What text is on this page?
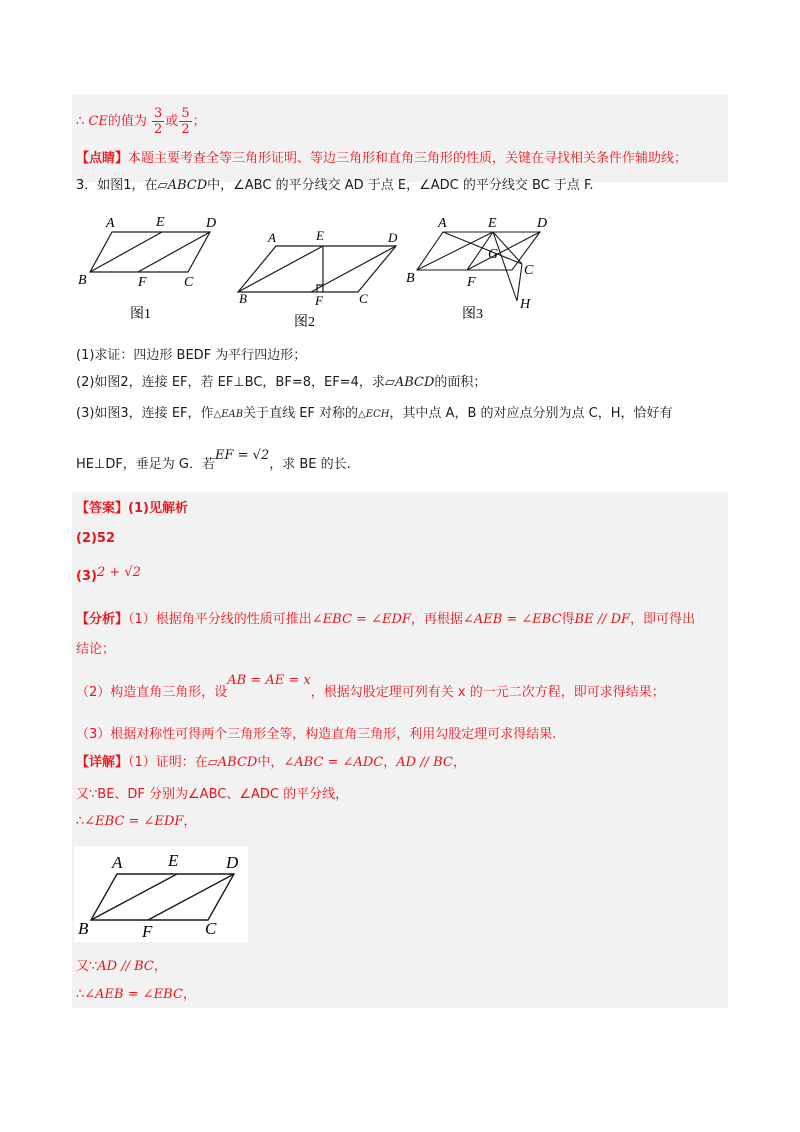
∴ CE的值为 $\frac{3}{2}$ 或 $\frac{5}{2}$ ；
【点睛】本题主要考查全等三角形证明、等边三角形和直角三角形的性质，关键在寻找相关条件作辅助线；
3．如图1，在▱ABCD中，∠ABC 的平分线交 AD 于点 E，∠ADC 的平分线交 BC 于点 F.
A	E	D
B	F	C
图1
A	E	D
B	F	C
图2
A	E	D
G
C
B	F
H
图3
(1)求证：四边形 BEDF 为平行四边形；
(2)如图2，连接 EF，若 EF⊥BC，BF=8，EF=4，求▱ABCD的面积；
(3)如图3，连接 EF，作△EAB关于直线 EF 对称的△ECH，其中点 A，B 的对应点分别为点 C，H，恰好有
HE⊥DF，垂足为 G．若EF = √2，求 BE 的长.
【答案】(1)见解析
(2)52
(3)2 + √2
【分析】（1）根据角平分线的性质可推出∠EBC = ∠EDF，再根据∠AEB = ∠EBC得BE // DF，即可得出
结论；
（2）构造直角三角形，设AB = AE = x，根据勾股定理可列有关 x 的一元二次方程，即可求得结果；
（3）根据对称性可得两个三角形全等，构造直角三角形，利用勾股定理可求得结果.
【详解】（1）证明：在▱ABCD中，∠ABC = ∠ADC，AD // BC，
又∵BE、DF 分别为∠ABC、∠ADC 的平分线，
∴∠EBC = ∠EDF，
A	E	D
B	F	C
又∵AD // BC，
∴∠AEB = ∠EBC，
